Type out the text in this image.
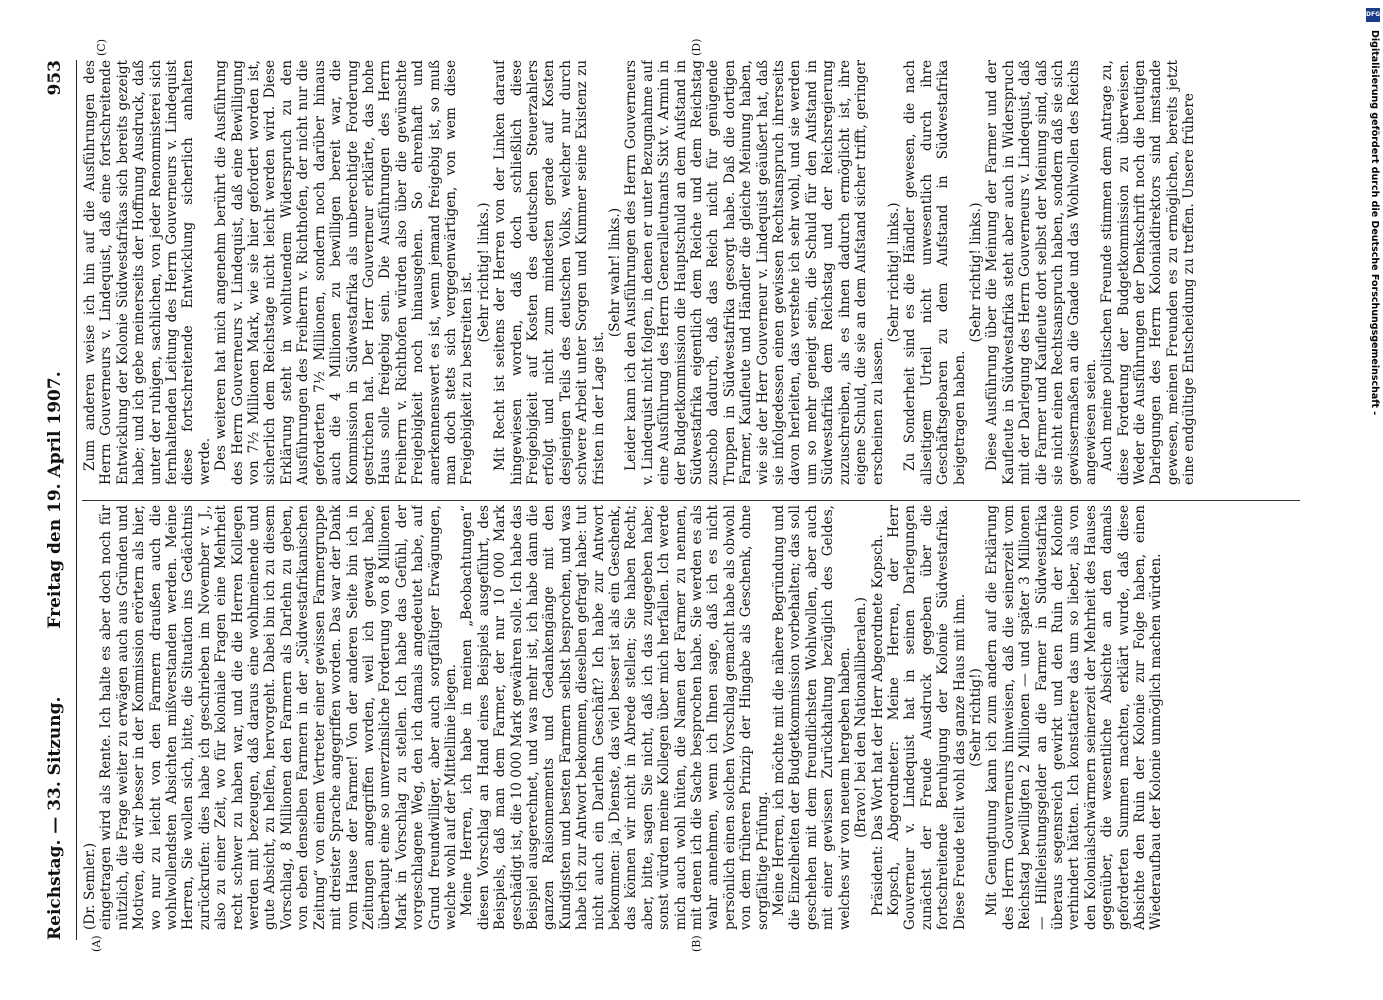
Reichstag. — 33. Sitzung.
Freitag den 19. April 1907.
953
(A)	(B)
(C)	(D)

(Dr. Semler.) eingetragen wird als Rente. Ich halte es aber doch noch für nützlich, die Frage weiter zu erwägen auch aus Gründen und Motiven, die wir besser in der Kommission erörtern als hier, wo nur zu leicht von den Farmern draußen auch die wohlwollendsten Absichten mißverstanden werden. Meine Herren, Sie wollen sich, bitte, die Situation ins Gedächtnis zurückrufen: dies habe ich geschrieben im November v. J., also zu einer Zeit, wo für koloniale Fragen eine Mehrheit recht schwer zu haben war, und die die Herren Kollegen werden mit bezeugen, daß daraus eine wohlmeinende und gute Absicht, zu helfen, hervorgeht. Dabei bin ich zu diesem Vorschlag, 8 Millionen den Farmern als Darlehn zu geben, von eben denselben Farmern in der „Südwestafrikanischen Zeitung“ von einem Vertreter einer gewissen Farmergruppe mit dreister Sprache angegriffen worden. Das war der Dank vom Hause der Farmer! Von der anderen Seite bin ich in Zeitungen angegriffen worden, weil ich gewagt habe, überhaupt eine so unverzinsliche Forderung von 8 Millionen Mark in Vorschlag zu stellen. Ich habe das Gefühl, der vorgeschlagene Weg, den ich damals angedeutet habe, auf Grund freundwilliger, aber auch sorgfältiger Erwägungen, welche wohl auf der Mittellinie liegen. Meine Herren, ich habe in meinen „Beobachtungen“ diesen Vorschlag an Hand eines Beispiels ausgeführt, des Beispiels, daß man dem Farmer, der nur 10 000 Mark geschädigt ist, die 10 000 Mark gewähren solle. Ich habe das Beispiel ausgerechnet, und was mehr ist, ich habe dann die ganzen Raisonnements und Gedankengänge mit den Kundigsten und besten Farmern selbst besprochen, und was habe ich zur Antwort bekommen, dieselben gefragt habe: tut nicht auch ein Darlehn Geschäft? Ich habe zur Antwort bekommen: ja, Dienste, das viel besser ist als ein Geschenk, das können wir nicht in Abrede stellen; Sie haben Recht; aber, bitte, sagen Sie nicht, daß ich das zugegeben habe; sonst würden meine Kollegen über mich herfallen. Ich werde mich auch wohl hüten, die Namen der Farmer zu nennen, mit denen ich die Sache besprochen habe. Sie werden es als wahr annehmen, wenn ich Ihnen sage, daß ich es nicht persönlich einen solchen Vorschlag gemacht habe als obwohl von dem früheren Prinzip der Hingabe als Geschenk, ohne sorgfältige Prüfung. Meine Herren, ich möchte mit die nähere Begründung und die Einzelheiten der Budgetkommission vorbehalten; das soll geschehen mit dem freundlichsten Wohlwollen, aber auch mit einer gewissen Zurückhaltung bezüglich des Geldes, welches wir von neuem hergeben haben. (Bravo! bei den Nationalliberalen.) Präsident: Das Wort hat der Herr Abgeordnete Kopsch. Kopsch, Abgeordneter: Meine Herren, der Herr Gouverneur v. Lindequist hat in seinen Darlegungen zunächst der Freude Ausdruck gegeben über die fortschreitende Beruhigung der Kolonie Südwestafrika. Diese Freude teilt wohl das ganze Haus mit ihm. (Sehr richtig!) Mit Genugtuung kann ich zum andern auf die Erklärung des Herrn Gouverneurs hinweisen, daß die seinerzeit vom Reichstag bewilligten 2 Millionen — und später 3 Millionen — Hilfeleistungsgelder an die Farmer in Südwestafrika überaus segensreich gewirkt und den Ruin der Kolonie verhindert hätten. Ich konstatiere das um so lieber, als von den Kolonialschwärmern seinerzeit der Mehrheit des Hauses gegenüber, die wesentliche Absichte an den damals geforderten Summen machten, erklärt wurde, daß diese Absichte den Ruin der Kolonie zur Folge haben, einen Wiederaufbau der Kolonie unmöglich machen würden.

Zum anderen weise ich hin auf die Ausführungen des Herrn Gouverneurs v. Lindequist, daß eine fortschreitende Entwicklung der Kolonie Südwestafrikas sich bereits gezeigt habe; und ich gebe meinerseits der Hoffnung Ausdruck, daß unter der ruhigen, sachlichen, von jeder Renommisterei sich fernhaltenden Leitung des Herrn Gouverneurs v. Lindequist diese fortschreitende Entwicklung sicherlich anhalten werde. Des weiteren hat mich angenehm berührt die Ausführung des Herrn Gouverneurs v. Lindequist, daß eine Bewilligung von 7½ Millionen Mark, wie sie hier gefordert worden ist, sicherlich dem Reichstage nicht leicht werden wird. Diese Erklärung steht in wohltuendem Widerspruch zu den Ausführungen des Freiherrn v. Richthofen, der nicht nur die geforderten 7½ Millionen, sondern noch darüber hinaus auch die 4 Millionen zu bewilligen bereit war, die Kommission in Südwestafrika als unberechtigte Forderung gestrichen hat. Der Herr Gouverneur erklärte, das hohe Haus solle freigebig sein. Die Ausführungen des Herrn Freiherrn v. Richthofen würden also über die gewünschte Freigebigkeit noch hinausgehen. So ehrenhaft und anerkennenswert es ist, wenn jemand freigebig ist, so muß man doch stets sich vergegenwärtigen, von wem diese Freigebigkeit zu bestreiten ist. (Sehr richtig! links.) Mit Recht ist seitens der Herren von der Linken darauf hingewiesen worden, daß doch schließlich diese Freigebigkeit auf Kosten des deutschen Steuerzahlers erfolgt und nicht zum mindesten gerade auf Kosten desjenigen Teils des deutschen Volks, welcher nur durch schwere Arbeit unter Sorgen und Kummer seine Existenz zu fristen in der Lage ist.

(Sehr wahr! links.) Leider kann ich den Ausführungen des Herrn Gouverneurs v. Lindequist nicht folgen, in denen er unter Bezugnahme auf eine Ausführung des Herrn Generalleutnants Sixt v. Armin in der Budgetkommission die Hauptschuld an dem Aufstand in Südwestafrika eigentlich dem Reiche und dem Reichstag zuschob dadurch, daß das Reich nicht für genügende Truppen in Südwestafrika gesorgt habe. Daß die dortigen Farmer, Kaufleute und Händler die gleiche Meinung haben, wie sie der Herr Gouverneur v. Lindequist geäußert hat, daß sie infolgedessen einen gewissen Rechtsanspruch ihrerseits davon herleiten, das verstehe ich sehr wohl, und sie werden um so mehr geneigt sein, die Schuld für den Aufstand in Südwestafrika dem Reichstag und der Reichsregierung zuzuschreiben, als es ihnen dadurch ermöglicht ist, ihre eigene Schuld, die sie an dem Aufstand sicher trifft, geringer erscheinen zu lassen.

(Sehr richtig! links.) Zu Sonderheit sind es die Händler gewesen, die nach allseitigem Urteil nicht unwesentlich durch ihre Geschäftsgebaren zu dem Aufstand in Südwestafrika beigetragen haben.

(Sehr richtig! links.) Diese Ausführung über die Meinung der Farmer und der Kaufleute in Südwestafrika steht aber auch in Widerspruch mit der Darlegung des Herrn Gouverneurs v. Lindequist, daß die Farmer und Kaufleute dort selbst der Meinung sind, daß sie nicht einen Rechtsanspruch haben, sondern daß sie sich gewissermaßen an die Gnade und das Wohlwollen des Reichs angewiesen seien. Auch meine politischen Freunde stimmen dem Antrage zu, diese Forderung der Budgetkommission zu überweisen. Weder die Ausführungen der Denkschrift noch die heutigen Darlegungen des Herrn Kolonialdirektors sind imstande gewesen, meinen Freunden es zu ermöglichen, bereits jetzt eine endgültige Entscheidung zu treffen. Unsere frühere

DFG
Digitalisierung gefördert durch die Deutsche Forschungsgemeinschaft -
